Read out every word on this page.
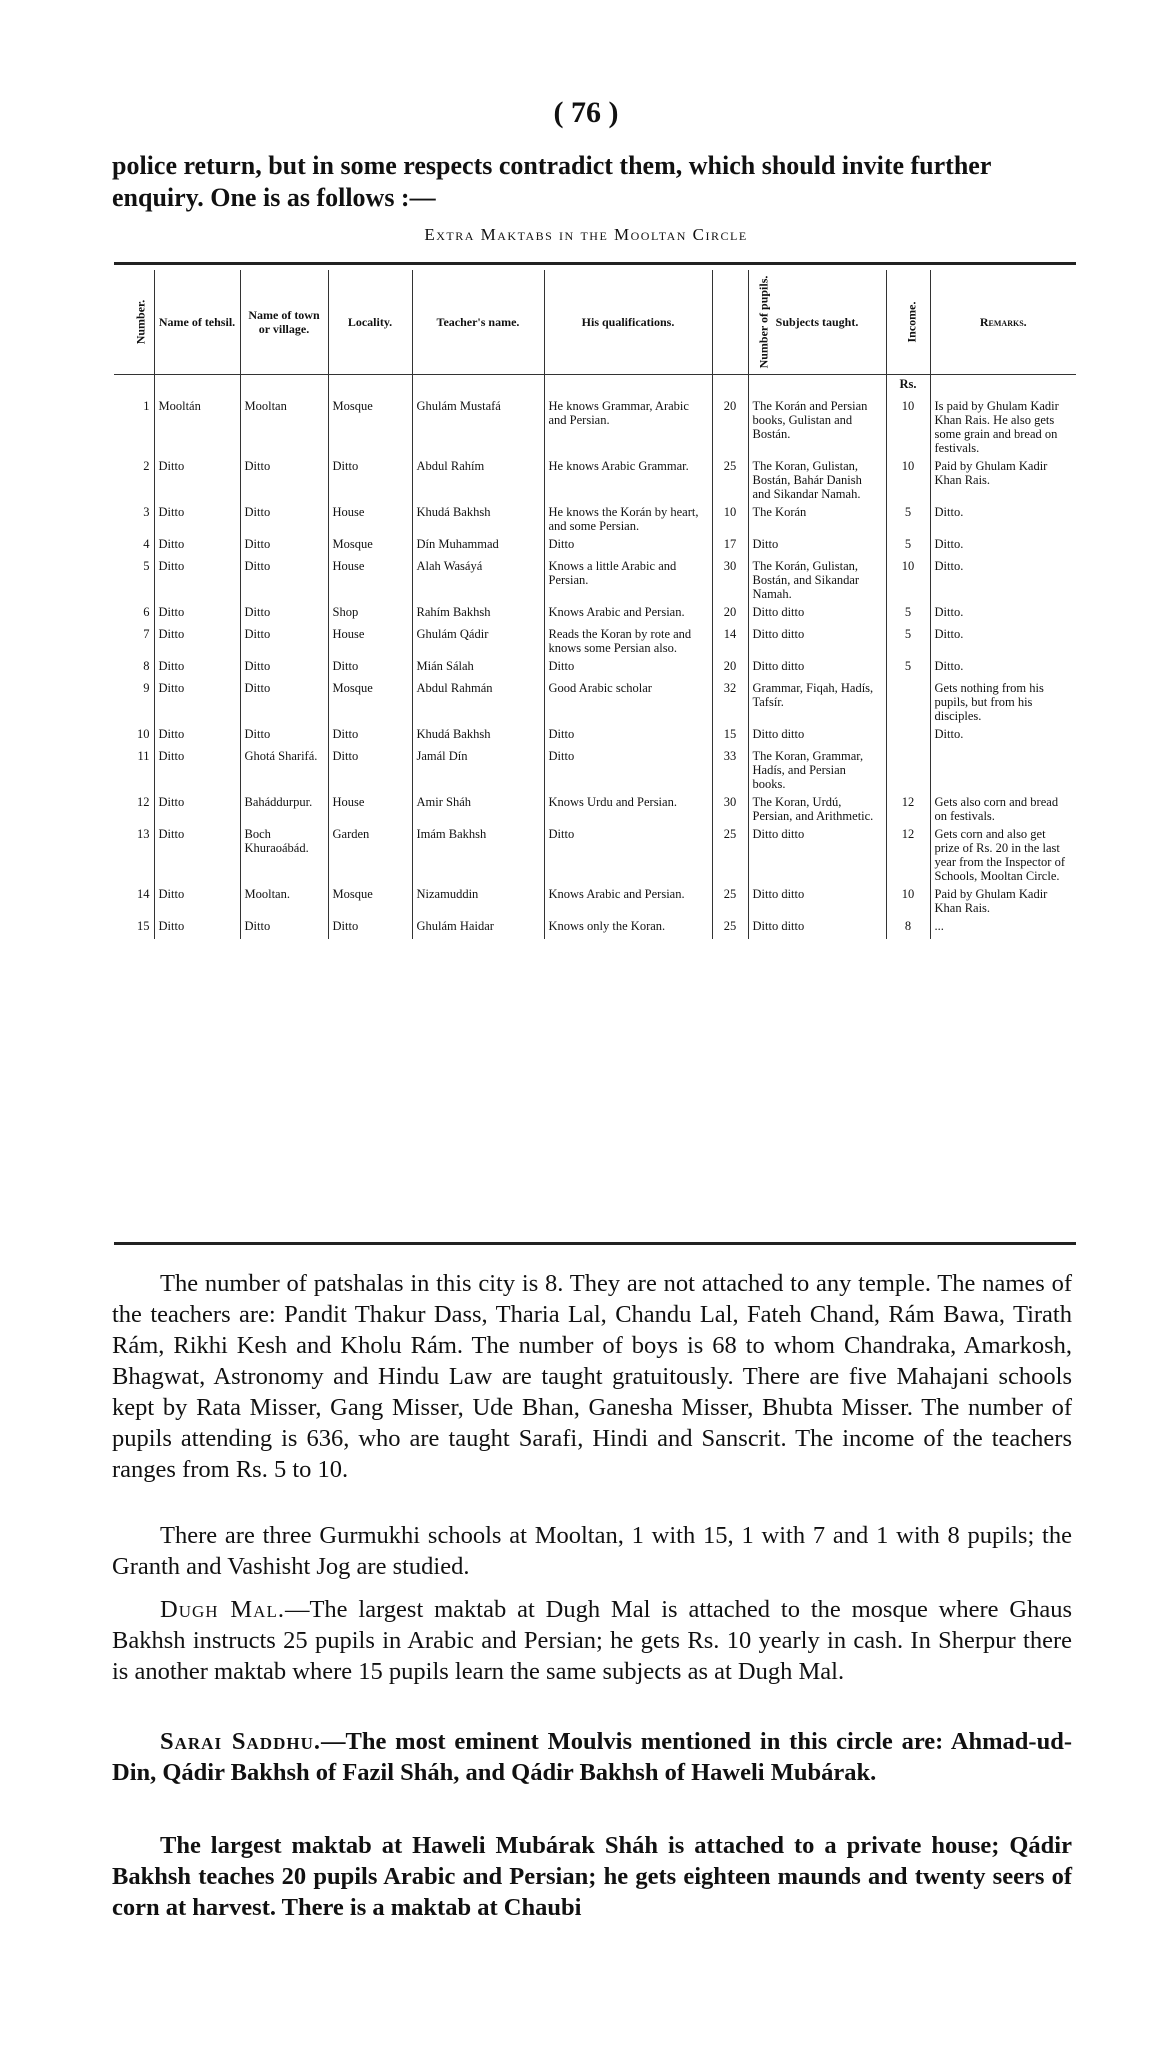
( 76 )
police return, but in some respects contradict them, which should invite further enquiry. One is as follows :—
Extra Maktabs in the Mooltan Circle
Number.	Name of tehsil.	Name of town or village.	Locality.	Teacher's name.	His qualifications.	Number of pupils.	Subjects taught.	Income.	Remarks.
								Rs.	
1	Mooltán	Mooltan	Mosque	Ghulám Mustafá	He knows Grammar, Arabic and Persian.	20	The Korán and Persian books, Gulistan and Bostán.	10	Is paid by Ghulam Kadir Khan Rais. He also gets some grain and bread on festivals.
2	Ditto	Ditto	Ditto	Abdul Rahím	He knows Arabic Grammar.	25	The Koran, Gulistan, Bostán, Bahár Danish and Sikandar Namah.	10	Paid by Ghulam Kadir Khan Rais.
3	Ditto	Ditto	House	Khudá Bakhsh	He knows the Korán by heart, and some Persian.	10	The Korán	5	Ditto.
4	Ditto	Ditto	Mosque	Dín Muhammad	Ditto	17	Ditto	5	Ditto.
5	Ditto	Ditto	House	Alah Wasáyá	Knows a little Arabic and Persian.	30	The Korán, Gulistan, Bostán, and Sikandar Namah.	10	Ditto.
6	Ditto	Ditto	Shop	Rahím Bakhsh	Knows Arabic and Persian.	20	Ditto ditto	5	Ditto.
7	Ditto	Ditto	House	Ghulám Qádir	Reads the Koran by rote and knows some Persian also.	14	Ditto ditto	5	Ditto.
8	Ditto	Ditto	Ditto	Mián Sálah	Ditto	20	Ditto ditto	5	Ditto.
9	Ditto	Ditto	Mosque	Abdul Rahmán	Good Arabic scholar	32	Grammar, Fiqah, Hadís, Tafsír.		Gets nothing from his pupils, but from his disciples.
10	Ditto	Ditto	Ditto	Khudá Bakhsh	Ditto	15	Ditto ditto		Ditto.
11	Ditto	Ghotá Sharifá.	Ditto	Jamál Dín	Ditto	33	The Koran, Grammar, Hadís, and Persian books.		
12	Ditto	Baháddurpur.	House	Amir Sháh	Knows Urdu and Persian.	30	The Koran, Urdú, Persian, and Arithmetic.	12	Gets also corn and bread on festivals.
13	Ditto	Boch Khuraoábád.	Garden	Imám Bakhsh	Ditto	25	Ditto ditto	12	Gets corn and also get prize of Rs. 20 in the last year from the Inspector of Schools, Mooltan Circle.
14	Ditto	Mooltan.	Mosque	Nizamuddin	Knows Arabic and Persian.	25	Ditto ditto	10	Paid by Ghulam Kadir Khan Rais.
15	Ditto	Ditto	Ditto	Ghulám Haidar	Knows only the Koran.	25	Ditto ditto	8	...

The number of patshalas in this city is 8. They are not attached to any temple. The names of the teachers are: Pandit Thakur Dass, Tharia Lal, Chandu Lal, Fateh Chand, Rám Bawa, Tirath Rám, Rikhi Kesh and Kholu Rám. The number of boys is 68 to whom Chandraka, Amarkosh, Bhagwat, Astronomy and Hindu Law are taught gratuitously. There are five Mahajani schools kept by Rata Misser, Gang Misser, Ude Bhan, Ganesha Misser, Bhubta Misser. The number of pupils attending is 636, who are taught Sarafi, Hindi and Sanscrit. The income of the teachers ranges from Rs. 5 to 10.

There are three Gurmukhi schools at Mooltan, 1 with 15, 1 with 7 and 1 with 8 pupils; the Granth and Vashisht Jog are studied.

Dugh Mal.—The largest maktab at Dugh Mal is attached to the mosque where Ghaus Bakhsh instructs 25 pupils in Arabic and Persian; he gets Rs. 10 yearly in cash. In Sherpur there is another maktab where 15 pupils learn the same subjects as at Dugh Mal.

Sarai Saddhu.—The most eminent Moulvis mentioned in this circle are: Ahmad-ud-Din, Qádir Bakhsh of Fazil Sháh, and Qádir Bakhsh of Haweli Mubárak.

The largest maktab at Haweli Mubárak Sháh is attached to a private house; Qádir Bakhsh teaches 20 pupils Arabic and Persian; he gets eighteen maunds and twenty seers of corn at harvest. There is a maktab at Chaubi
